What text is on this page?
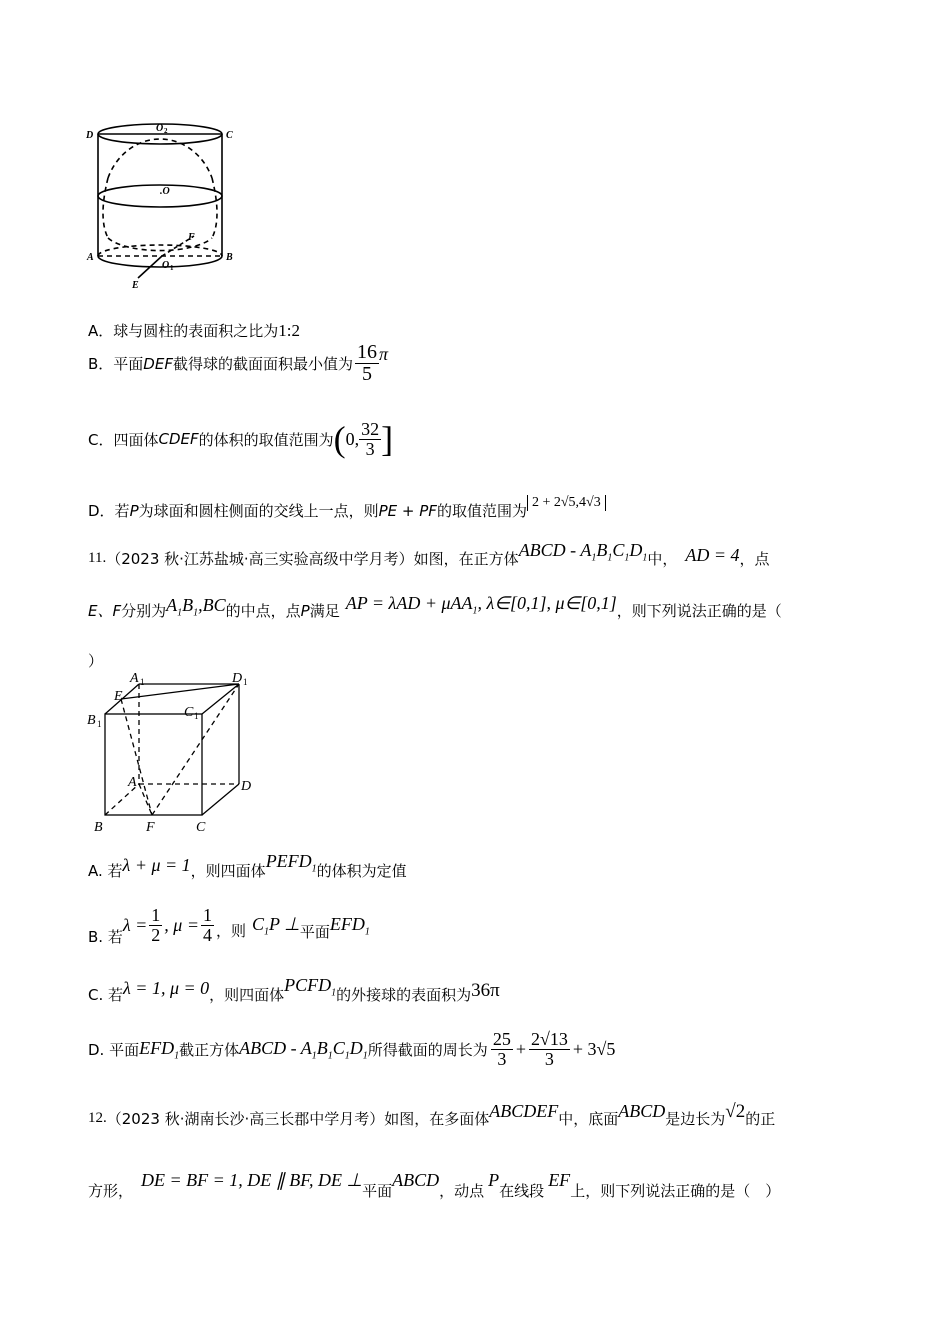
D	C
O 2
.O
F
A	B
O 1
E
A．球与圆柱的表面积之比为1:2
B．平面 DEF 截得球的截面面积最小值为 $\frac{16}{5}$ π
C．四面体 CDEF 的体积的取值范围为 ( 0, $\frac{32}{3}$ ]
D．若 P 为球面和圆柱侧面的交线上一点，则 PE + PF 的取值范围为 2 + 2√5,4√3
11. （2023 秋·江苏盐城·高三实验高级中学月考）如图，在正方体 ABCD - $A_1B_1C_1D_1$ 中， AD = 4 ，点
E、F 分别为 $A_1B_1,BC$ 的中点，点 P 满足 AP = λAD + μAA$_1$, λ∈[0,1], μ∈[0,1] ，则下列说法正确的是（
）
A 1	D 1
E
C 1
B 1
A	D
B	F	C
A. 若 λ + μ = 1 ，则四面体
$PEFD_1$ 的体积为定值
B. 若
$\lambda = \frac{1}{2}$ , $\mu = \frac{1}{4}$ ，则 $C_1P$ ⊥ 平面 $EFD_1$
C. 若 λ = 1, μ = 0 ，则四面体
$PCFD_1$ 的外接球的表面积为 36π
D. 平面 $EFD_1$ 截正方体 ABCD - $A_1B_1C_1D_1$ 所得截面的周长为 $\frac{25}{3} + \frac{2√13}{3} + 3√5$
12. （2023 秋·湖南长沙·高三长郡中学月考）如图，在多面体 ABCDEF 中，底面 ABCD 是边长为 √2 的正
方形，
DE = BF = 1, DE ∥ BF, DE ⊥
平面
ABCD
，动点
P
在线段
EF
上，则下列说法正确的是（　）
